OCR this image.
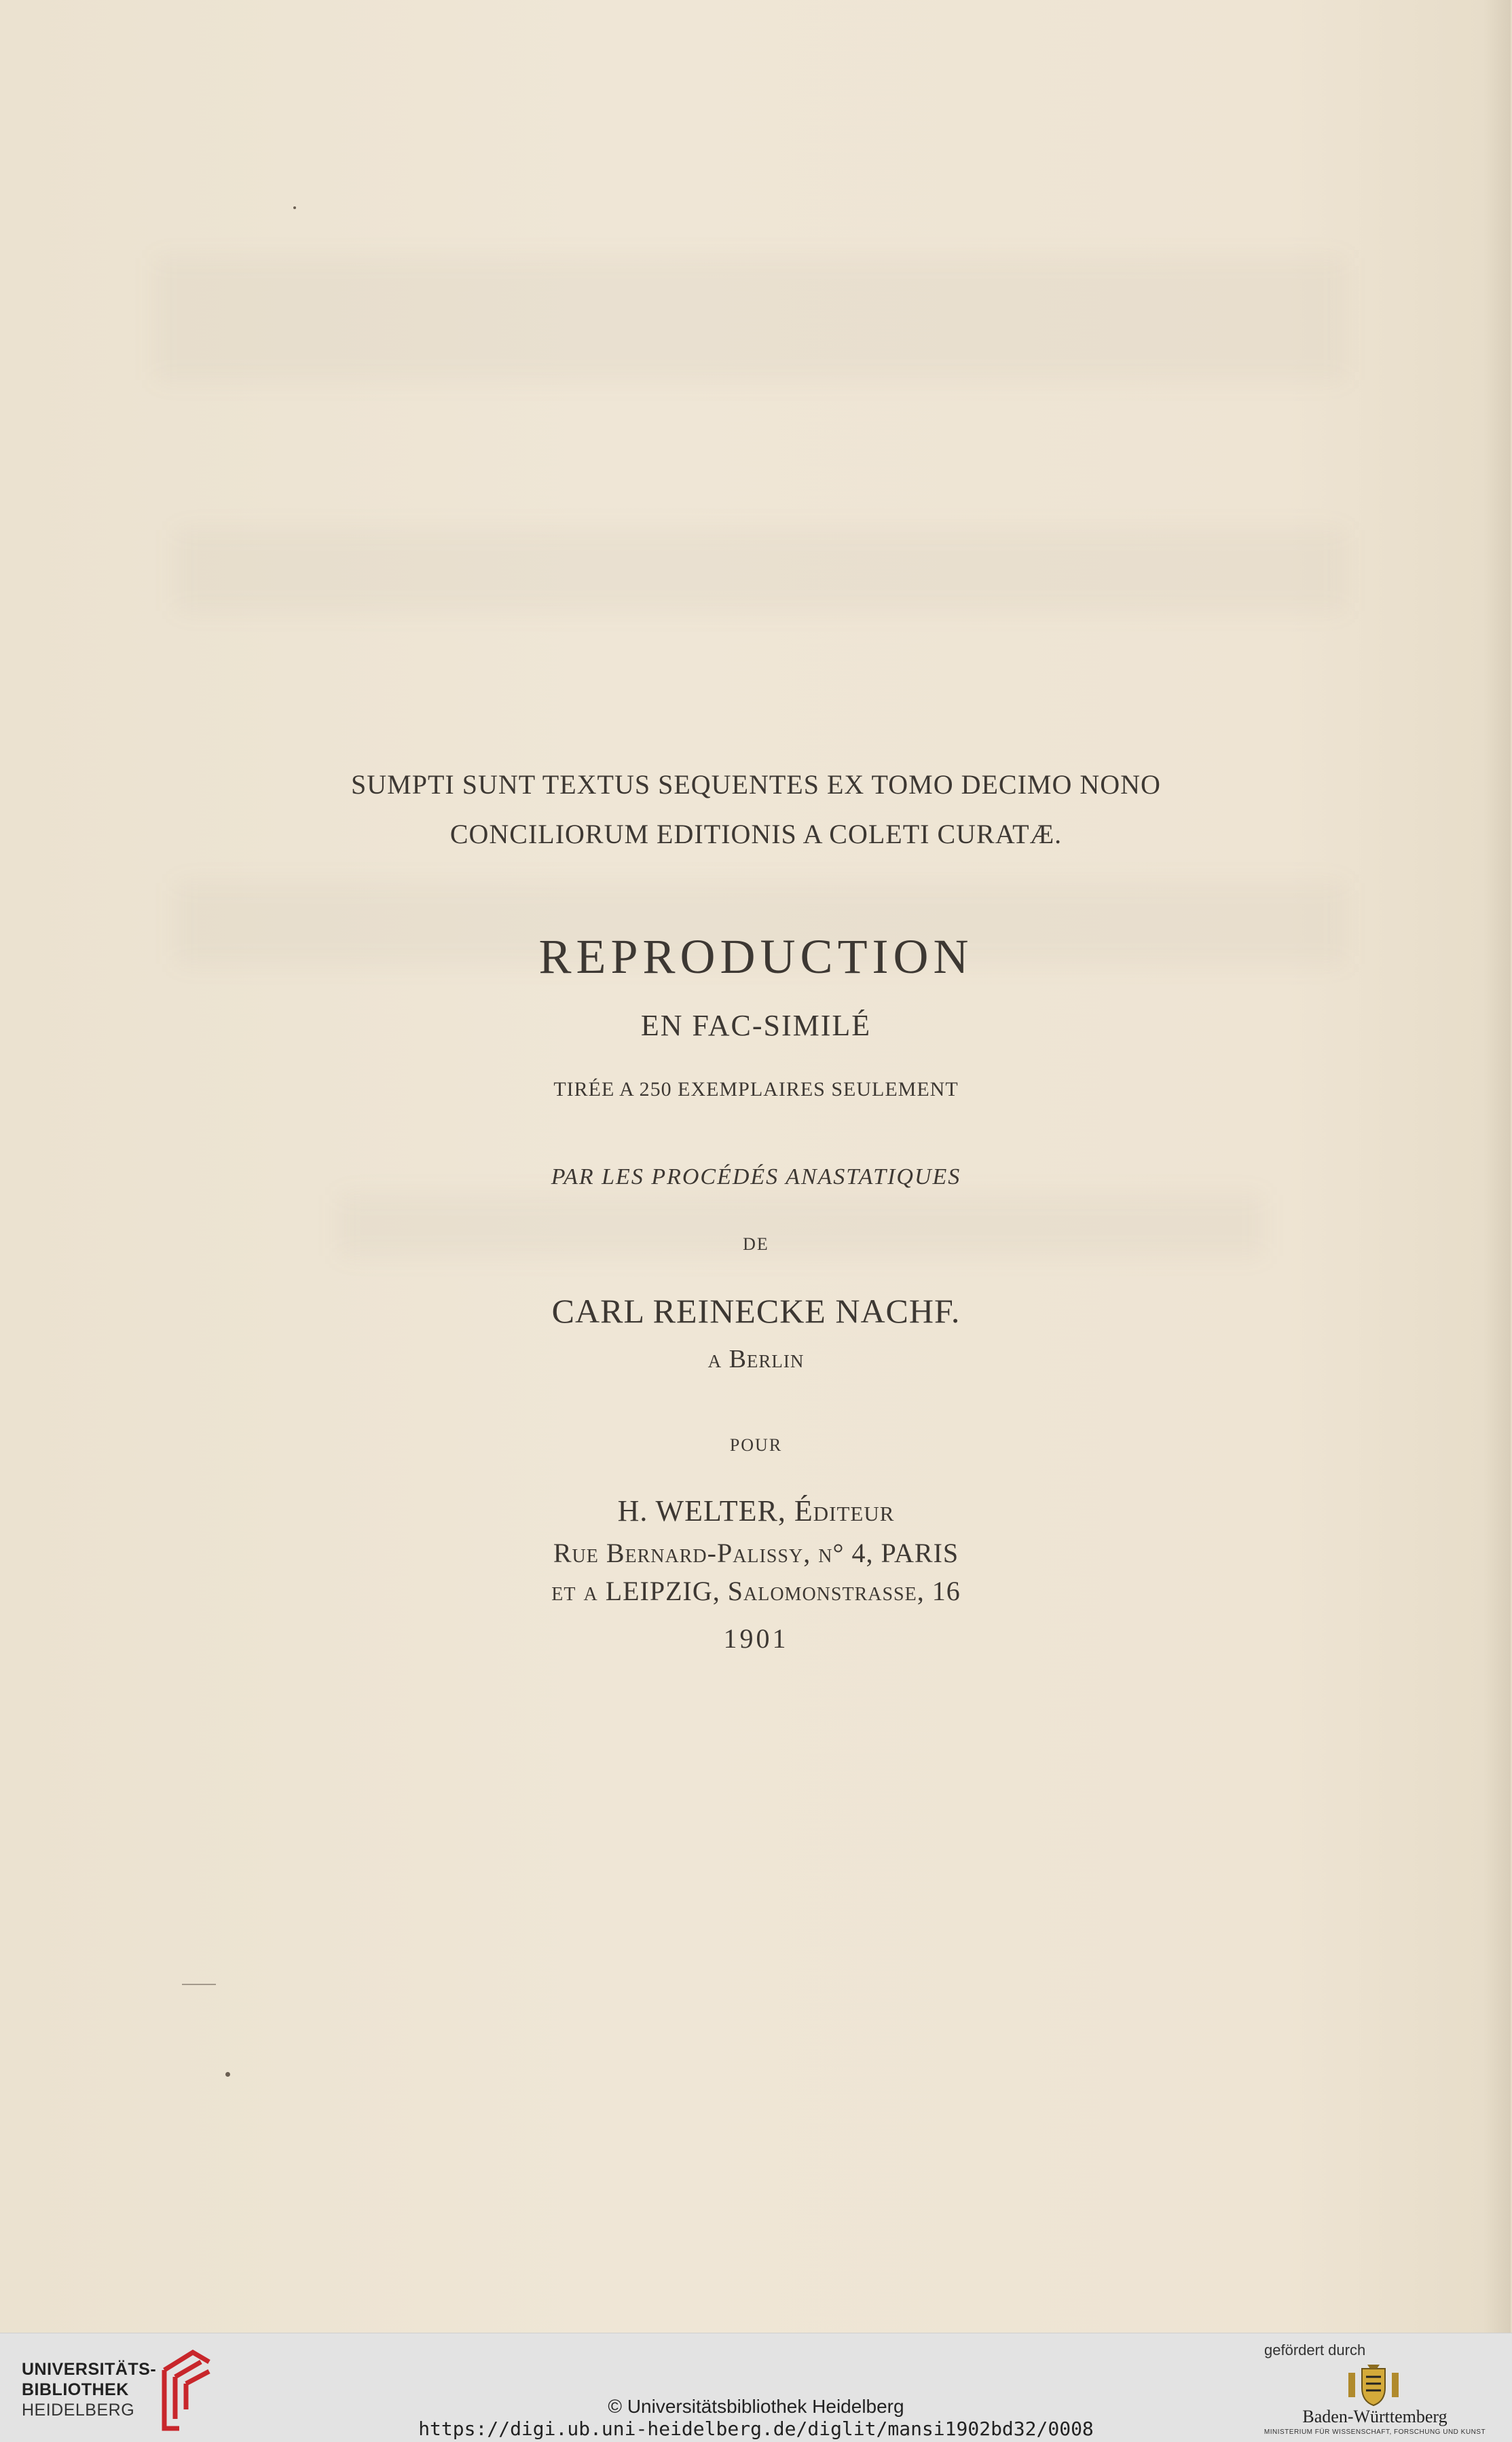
SUMPTI SUNT TEXTUS SEQUENTES EX TOMO DECIMO NONO
CONCILIORUM EDITIONIS A COLETI CURATÆ.
REPRODUCTION
EN FAC-SIMILÉ
TIRÉE A 250 EXEMPLAIRES SEULEMENT
PAR LES PROCÉDÉS ANASTATIQUES
DE
CARL REINECKE NACHF.
a Berlin
POUR
H. WELTER, Éditeur
Rue Bernard-Palissy, n° 4, PARIS
et a LEIPZIG, Salomonstrasse, 16
1901
UNIVERSITÄTS-
BIBLIOTHEK
HEIDELBERG	© Universitätsbibliothek Heidelberg
https://digi.ub.uni-heidelberg.de/diglit/mansi1902bd32/0008
gefördert durch
Baden-Württemberg
MINISTERIUM FÜR WISSENSCHAFT, FORSCHUNG UND KUNST
